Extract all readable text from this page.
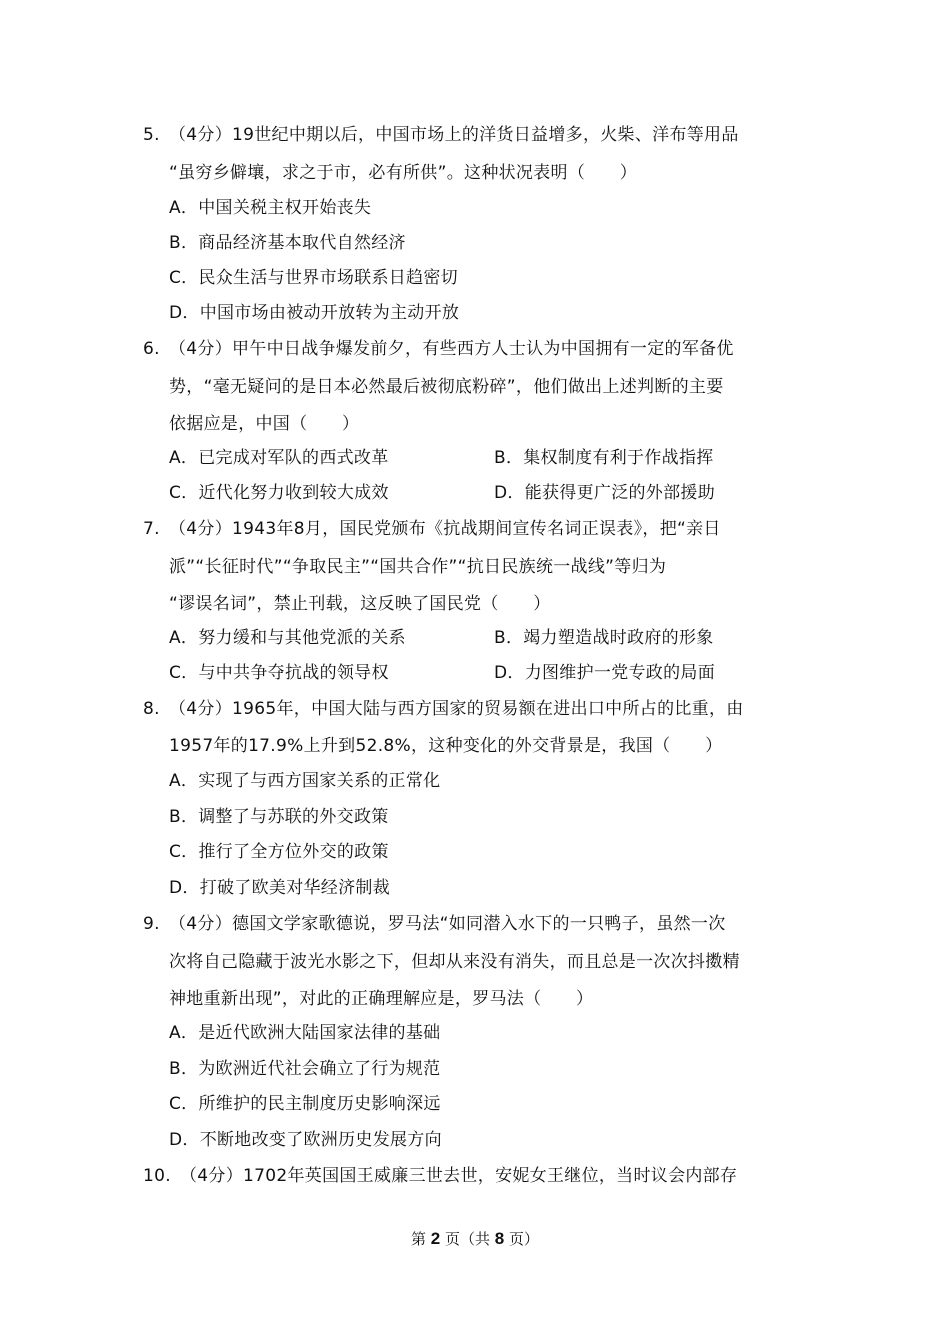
5. （4分）19世纪中期以后，中国市场上的洋货日益增多，火柴、洋布等用品
“虽穷乡僻壤，求之于市，必有所供”。这种状况表明（　　）
A．中国关税主权开始丧失
B．商品经济基本取代自然经济
C．民众生活与世界市场联系日趋密切
D．中国市场由被动开放转为主动开放
6. （4分）甲午中日战争爆发前夕，有些西方人士认为中国拥有一定的军备优
势，“毫无疑问的是日本必然最后被彻底粉碎”，他们做出上述判断的主要
依据应是，中国（　　）
A．已完成对军队的西式改革	B．集权制度有利于作战指挥
C．近代化努力收到较大成效	D．能获得更广泛的外部援助
7. （4分）1943年8月，国民党颁布《抗战期间宣传名词正误表》，把“亲日
派”“长征时代”“争取民主”“国共合作”“抗日民族统一战线”等归为
“谬误名词”，禁止刊载，这反映了国民党（　　）
A．努力缓和与其他党派的关系	B．竭力塑造战时政府的形象
C．与中共争夺抗战的领导权	D．力图维护一党专政的局面
8. （4分）1965年，中国大陆与西方国家的贸易额在进出口中所占的比重，由
1957年的17.9%上升到52.8%，这种变化的外交背景是，我国（　　）
A．实现了与西方国家关系的正常化
B．调整了与苏联的外交政策
C．推行了全方位外交的政策
D．打破了欧美对华经济制裁
9. （4分）德国文学家歌德说，罗马法“如同潜入水下的一只鸭子，虽然一次
次将自己隐藏于波光水影之下，但却从来没有消失，而且总是一次次抖擞精
神地重新出现”，对此的正确理解应是，罗马法（　　）
A．是近代欧洲大陆国家法律的基础
B．为欧洲近代社会确立了行为规范
C．所维护的民主制度历史影响深远
D．不断地改变了欧洲历史发展方向
10. （4分）1702年英国国王威廉三世去世，安妮女王继位，当时议会内部存
第 2 页（共 8 页）
